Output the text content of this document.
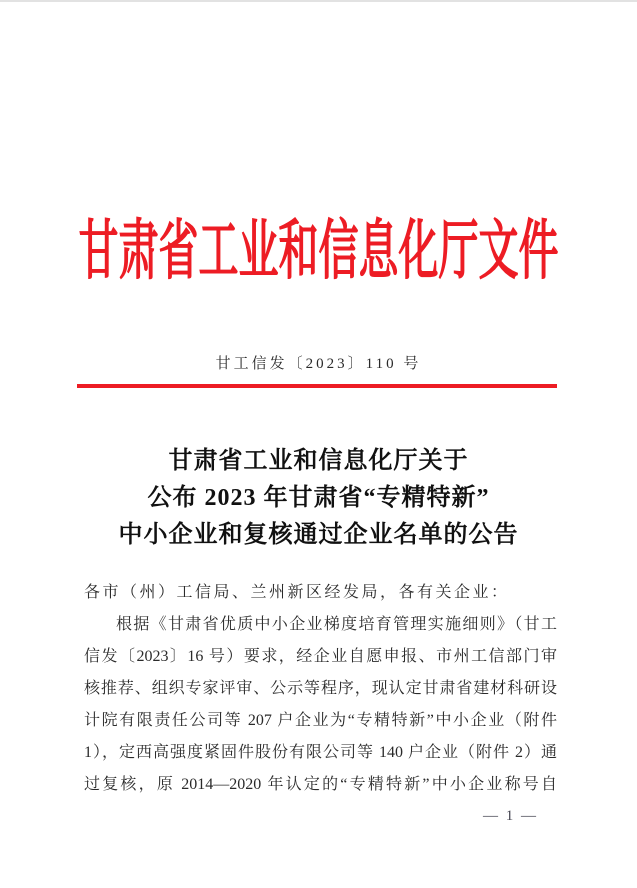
甘肃省工业和信息化厅文件
甘工信发〔2023〕110 号
甘肃省工业和信息化厅关于
公布 2023 年甘肃省“专精特新”
中小企业和复核通过企业名单的公告
各市（州）工信局、兰州新区经发局，各有关企业：
根据《甘肃省优质中小企业梯度培育管理实施细则》（甘工
信发〔2023〕16 号）要求，经企业自愿申报、市州工信部门审
核推荐、组织专家评审、公示等程序，现认定甘肃省建材科研设
计院有限责任公司等 207 户企业为“专精特新”中小企业（附件
1），定西高强度紧固件股份有限公司等 140 户企业（附件 2）通
过复核，原 2014—2020 年认定的“专精特新”中小企业称号自
— 1 —
